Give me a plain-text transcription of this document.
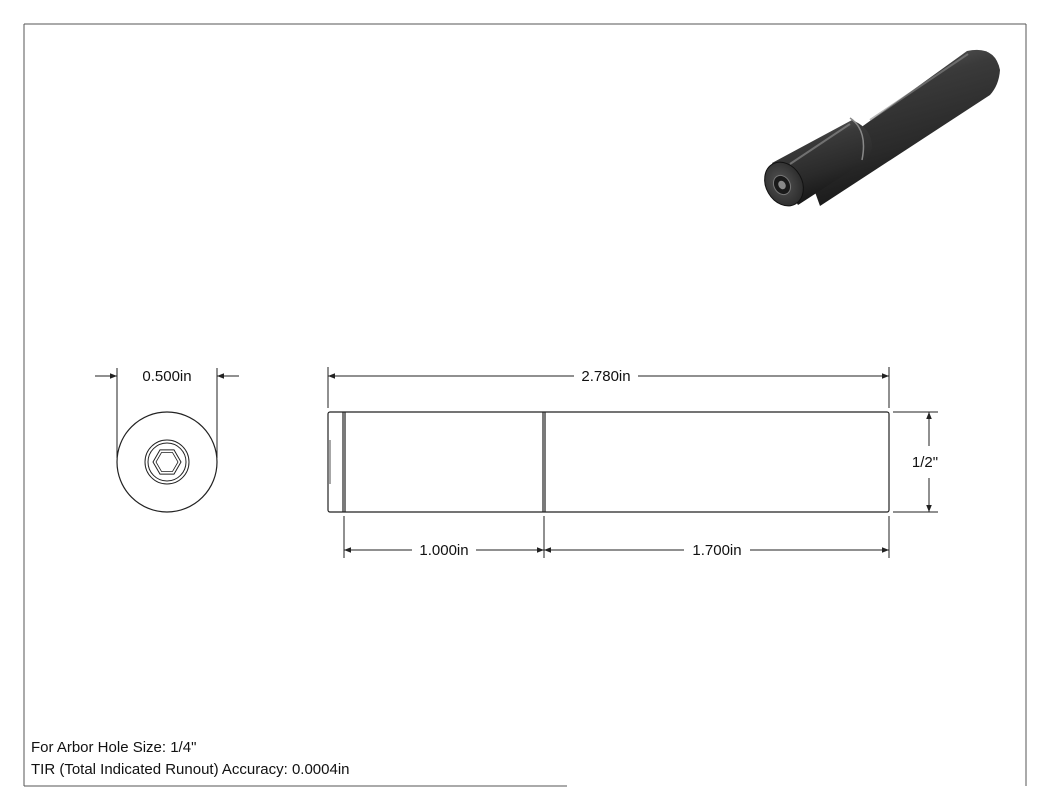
0.500in	2.780in
1/2"
1.000in	1.700in
For Arbor Hole Size: 1/4"
TIR (Total Indicated Runout) Accuracy: 0.0004in
